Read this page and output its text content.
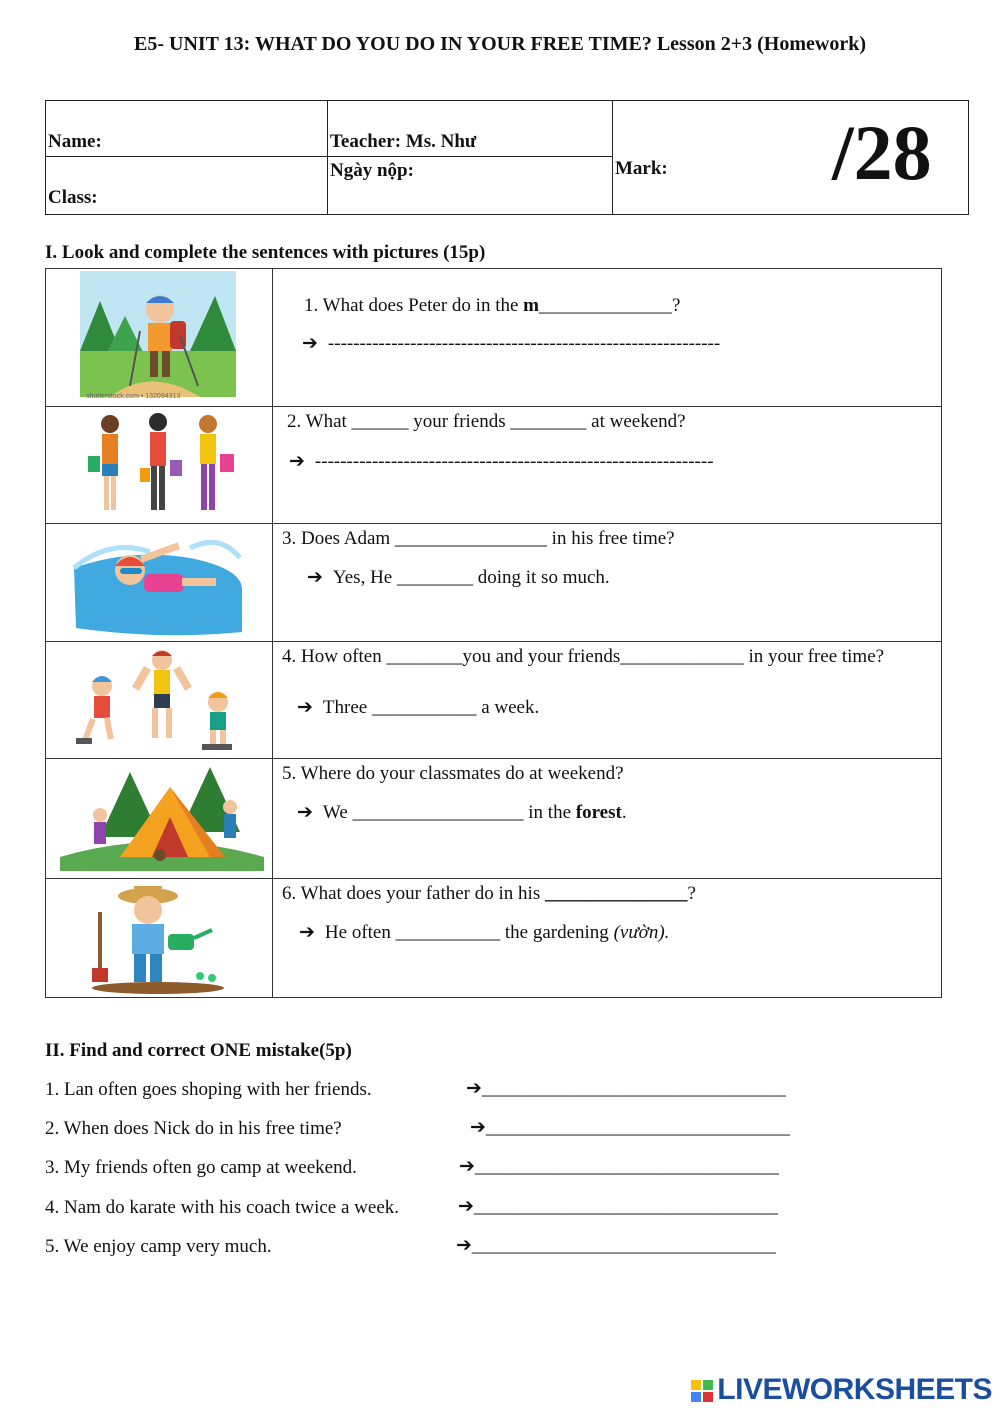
E5- UNIT 13: WHAT DO YOU DO IN YOUR FREE TIME? Lesson 2+3 (Homework)
Name:
Class:
Teacher: Ms. Như
Ngày nộp:	Mark: /28
I. Look and complete the sentences with pictures (15p)
shutterstock.com • 132094313
1. What does Peter do in the m______________?
➔ --------------------------------------------------------------
2. What ______ your friends ________ at weekend?
➔ ---------------------------------------------------------------
3. Does Adam ________________ in his free time?
➔ Yes, He ________ doing it so much.
4. How often ________you and your friends_____________ in your free time?
➔ Three ___________ a week.
5. Where do your classmates do at weekend?
➔ We __________________ in the forest.
6. What does your father do in his _______________?
➔ He often ___________ the gardening (vườn).
II. Find and correct ONE mistake(5p)
1. Lan often goes shoping with her friends.	➔________________________________
2. When does Nick do in his free time?	➔________________________________
3. My friends often go camp at weekend.	➔________________________________
4. Nam do karate with his coach twice a week.	➔________________________________
5. We enjoy camp very much.	➔________________________________
LIVEWORKSHEETS
